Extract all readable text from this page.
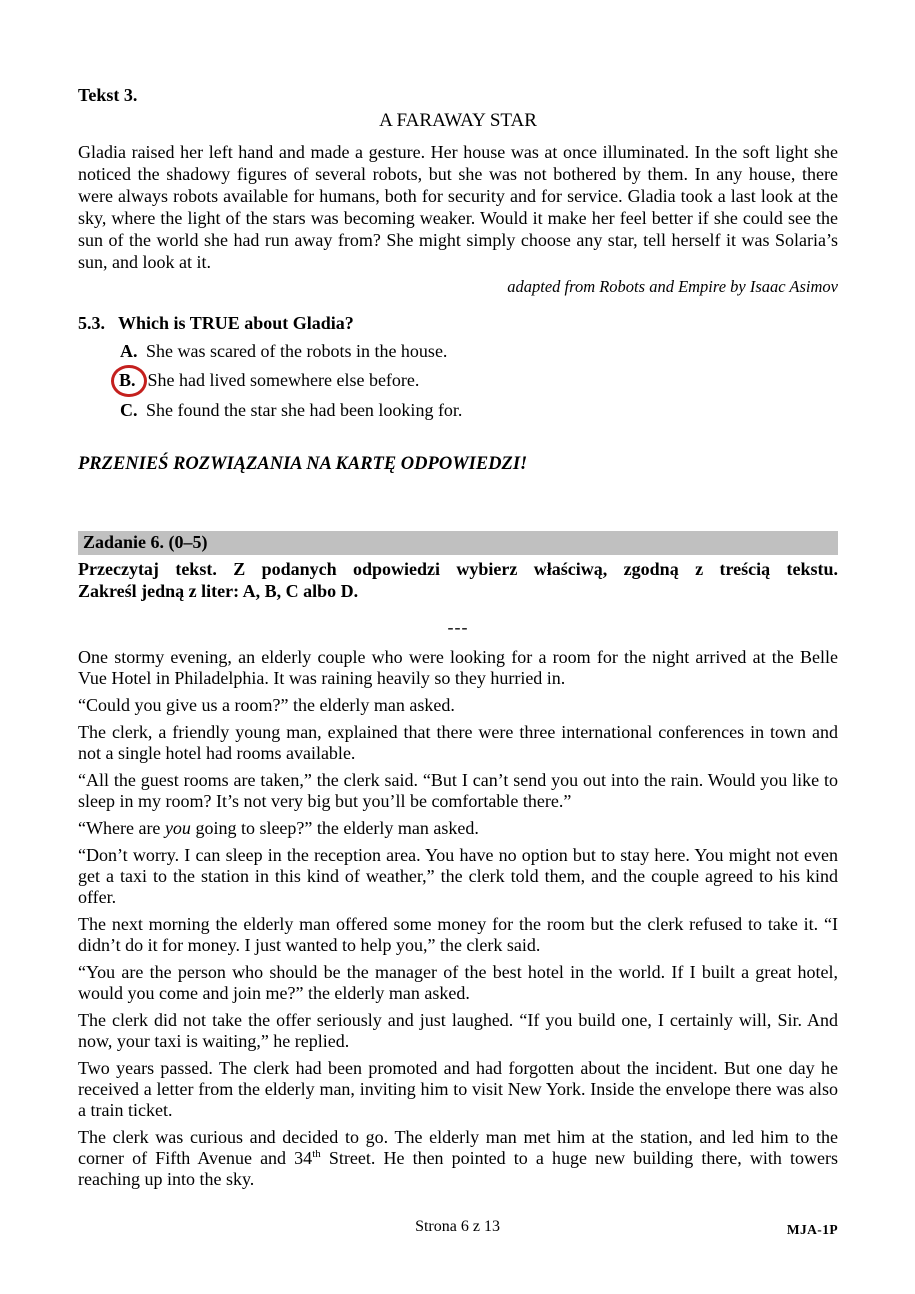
Tekst 3.
A FARAWAY STAR
Gladia raised her left hand and made a gesture. Her house was at once illuminated. In the soft light she noticed the shadowy figures of several robots, but she was not bothered by them. In any house, there were always robots available for humans, both for security and for service. Gladia took a last look at the sky, where the light of the stars was becoming weaker. Would it make her feel better if she could see the sun of the world she had run away from? She might simply choose any star, tell herself it was Solaria’s sun, and look at it.
adapted from Robots and Empire by Isaac Asimov
5.3. Which is TRUE about Gladia?
A. She was scared of the robots in the house.
B. She had lived somewhere else before.
C. She found the star she had been looking for.
PRZENIEŚ ROZWIĄZANIA NA KARTĘ ODPOWIEDZI!
Zadanie 6. (0–5)
Przeczytaj tekst. Z podanych odpowiedzi wybierz właściwą, zgodną z treścią tekstu.
Zakreśl jedną z liter: A, B, C albo D.
---

One stormy evening, an elderly couple who were looking for a room for the night arrived at the Belle Vue Hotel in Philadelphia. It was raining heavily so they hurried in.

“Could you give us a room?” the elderly man asked.

The clerk, a friendly young man, explained that there were three international conferences in town and not a single hotel had rooms available.

“All the guest rooms are taken,” the clerk said. “But I can’t send you out into the rain. Would you like to sleep in my room? It’s not very big but you’ll be comfortable there.”

“Where are you going to sleep?” the elderly man asked.

“Don’t worry. I can sleep in the reception area. You have no option but to stay here. You might not even get a taxi to the station in this kind of weather,” the clerk told them, and the couple agreed to his kind offer.

The next morning the elderly man offered some money for the room but the clerk refused to take it. “I didn’t do it for money. I just wanted to help you,” the clerk said.

“You are the person who should be the manager of the best hotel in the world. If I built a great hotel, would you come and join me?” the elderly man asked.

The clerk did not take the offer seriously and just laughed. “If you build one, I certainly will, Sir. And now, your taxi is waiting,” he replied.

Two years passed. The clerk had been promoted and had forgotten about the incident. But one day he received a letter from the elderly man, inviting him to visit New York. Inside the envelope there was also a train ticket.

The clerk was curious and decided to go. The elderly man met him at the station, and led him to the corner of Fifth Avenue and 34th Street. He then pointed to a huge new building there, with towers reaching up into the sky.

Strona 6 z 13	MJA-1P
